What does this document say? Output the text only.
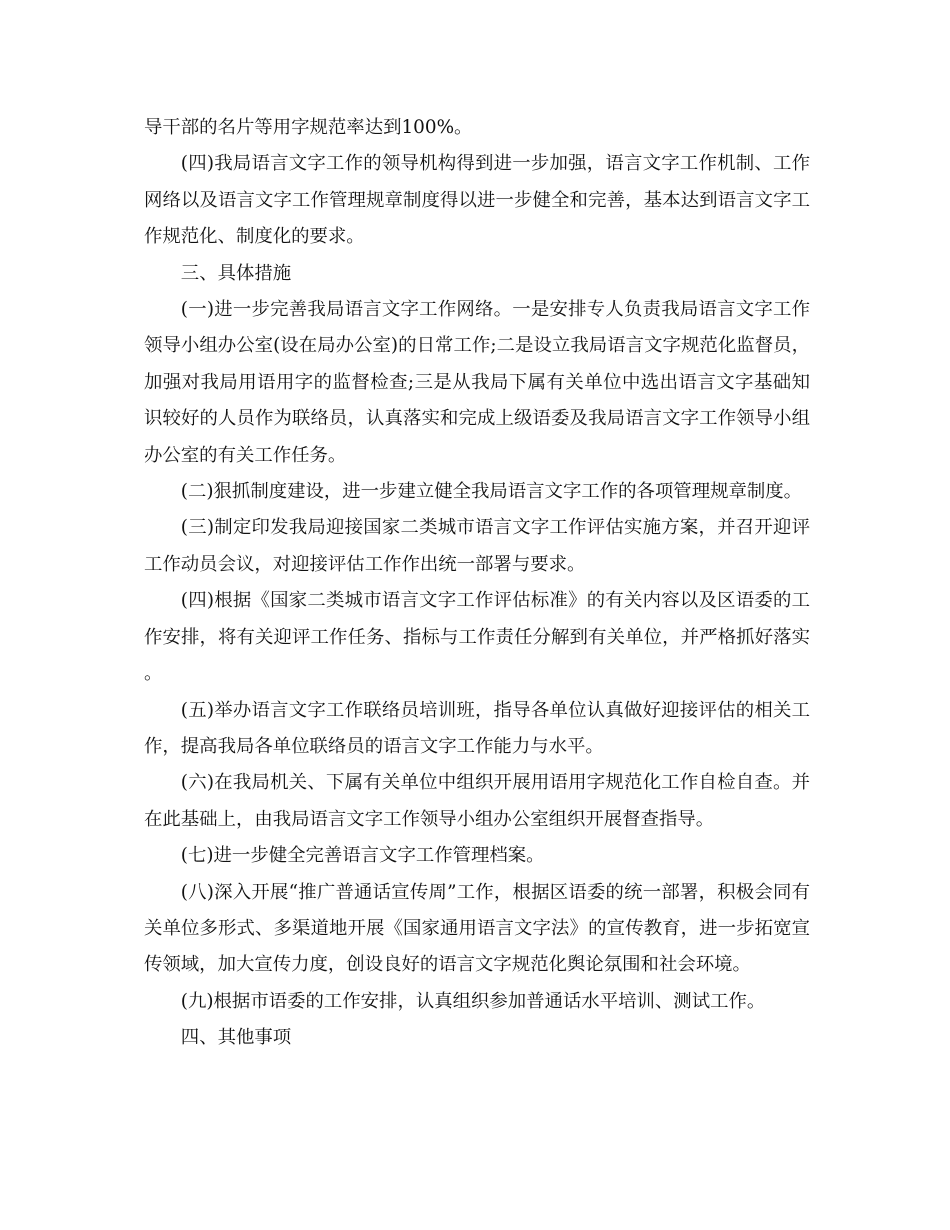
导干部的名片等用字规范率达到100%。

(四)我局语言文字工作的领导机构得到进一步加强，语言文字工作机制、工作网络以及语言文字工作管理规章制度得以进一步健全和完善，基本达到语言文字工作规范化、制度化的要求。

三、具体措施

(一)进一步完善我局语言文字工作网络。一是安排专人负责我局语言文字工作领导小组办公室(设在局办公室)的日常工作;二是设立我局语言文字规范化监督员，加强对我局用语用字的监督检查;三是从我局下属有关单位中选出语言文字基础知识较好的人员作为联络员，认真落实和完成上级语委及我局语言文字工作领导小组办公室的有关工作任务。

(二)狠抓制度建设，进一步建立健全我局语言文字工作的各项管理规章制度。

(三)制定印发我局迎接国家二类城市语言文字工作评估实施方案，并召开迎评工作动员会议，对迎接评估工作作出统一部署与要求。

(四)根据《国家二类城市语言文字工作评估标准》的有关内容以及区语委的工作安排，将有关迎评工作任务、指标与工作责任分解到有关单位，并严格抓好落实。

(五)举办语言文字工作联络员培训班，指导各单位认真做好迎接评估的相关工作，提高我局各单位联络员的语言文字工作能力与水平。

(六)在我局机关、下属有关单位中组织开展用语用字规范化工作自检自查。并在此基础上，由我局语言文字工作领导小组办公室组织开展督查指导。

(七)进一步健全完善语言文字工作管理档案。

(八)深入开展“推广普通话宣传周”工作，根据区语委的统一部署，积极会同有关单位多形式、多渠道地开展《国家通用语言文字法》的宣传教育，进一步拓宽宣传领域，加大宣传力度，创设良好的语言文字规范化舆论氛围和社会环境。

(九)根据市语委的工作安排，认真组织参加普通话水平培训、测试工作。

四、其他事项
